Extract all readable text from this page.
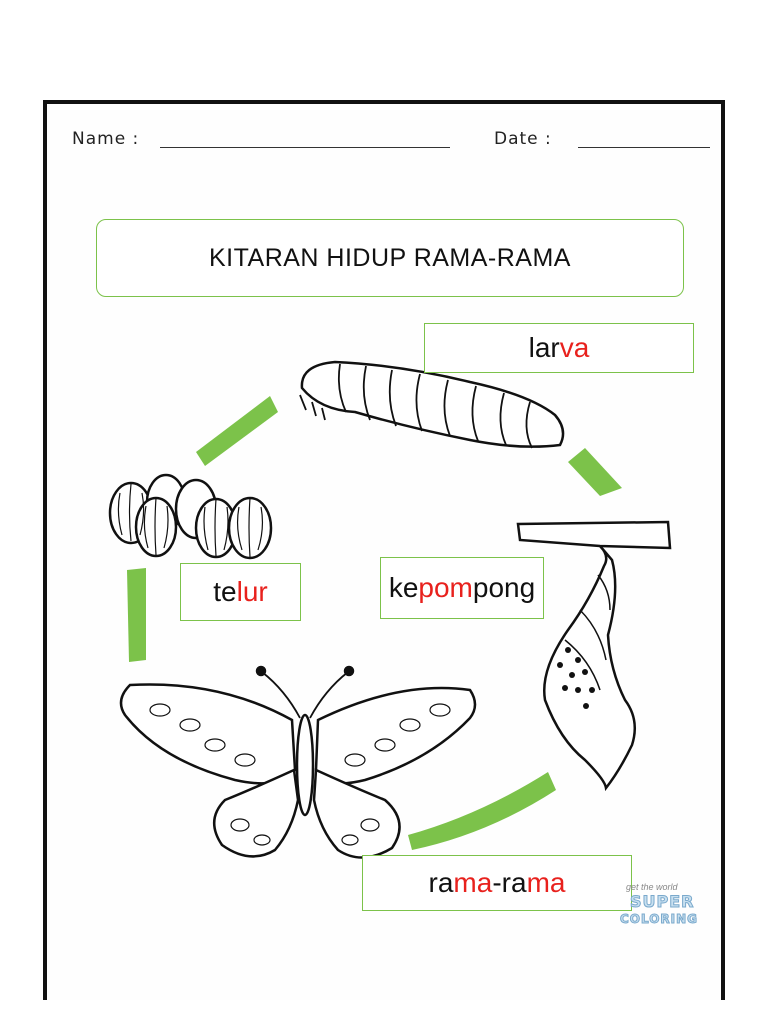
Name :	Date :
KITARAN HIDUP RAMA-RAMA
lar va
te lur	ke pom pong
ra ma -ra ma	get the world
SUPER
COLORING
